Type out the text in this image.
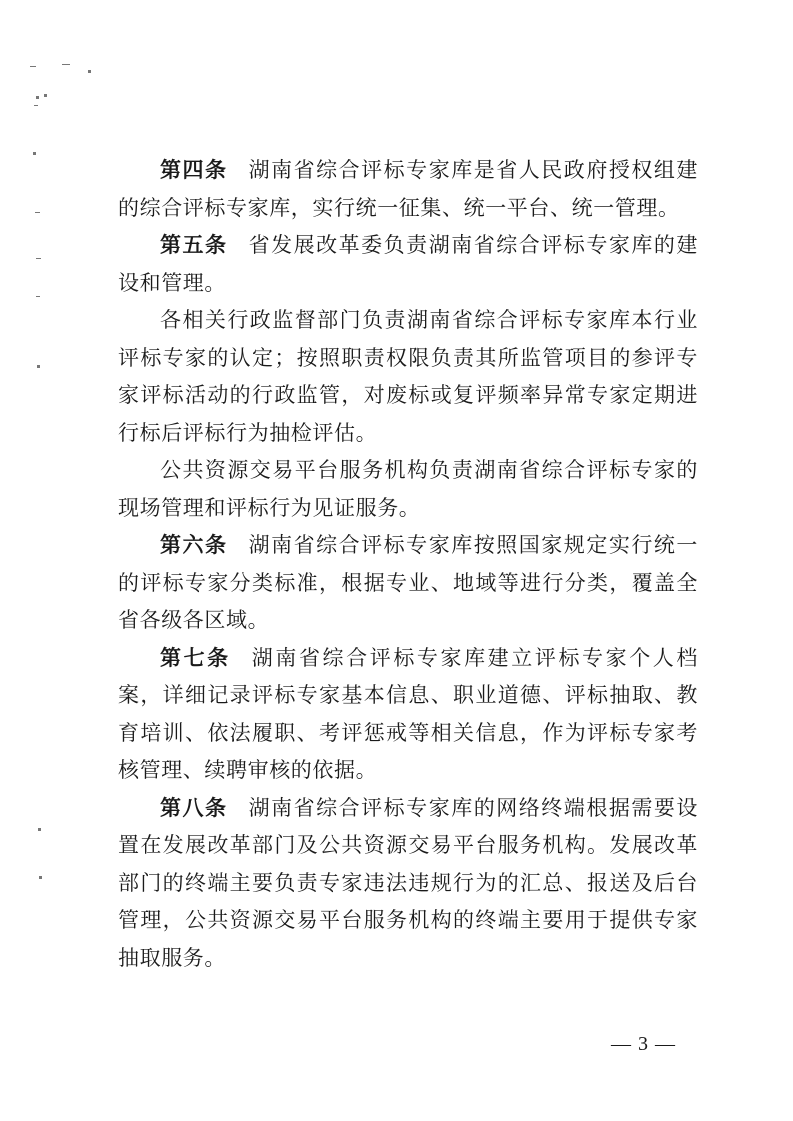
第四条 湖南省综合评标专家库是省人民政府授权组建的综合评标专家库，实行统一征集、统一平台、统一管理。

第五条 省发展改革委负责湖南省综合评标专家库的建设和管理。

各相关行政监督部门负责湖南省综合评标专家库本行业评标专家的认定；按照职责权限负责其所监管项目的参评专家评标活动的行政监管，对废标或复评频率异常专家定期进行标后评标行为抽检评估。

公共资源交易平台服务机构负责湖南省综合评标专家的现场管理和评标行为见证服务。

第六条 湖南省综合评标专家库按照国家规定实行统一的评标专家分类标准，根据专业、地域等进行分类，覆盖全省各级各区域。

第七条 湖南省综合评标专家库建立评标专家个人档案，详细记录评标专家基本信息、职业道德、评标抽取、教育培训、依法履职、考评惩戒等相关信息，作为评标专家考核管理、续聘审核的依据。

第八条 湖南省综合评标专家库的网络终端根据需要设置在发展改革部门及公共资源交易平台服务机构。发展改革部门的终端主要负责专家违法违规行为的汇总、报送及后台管理，公共资源交易平台服务机构的终端主要用于提供专家抽取服务。

— 3 —
